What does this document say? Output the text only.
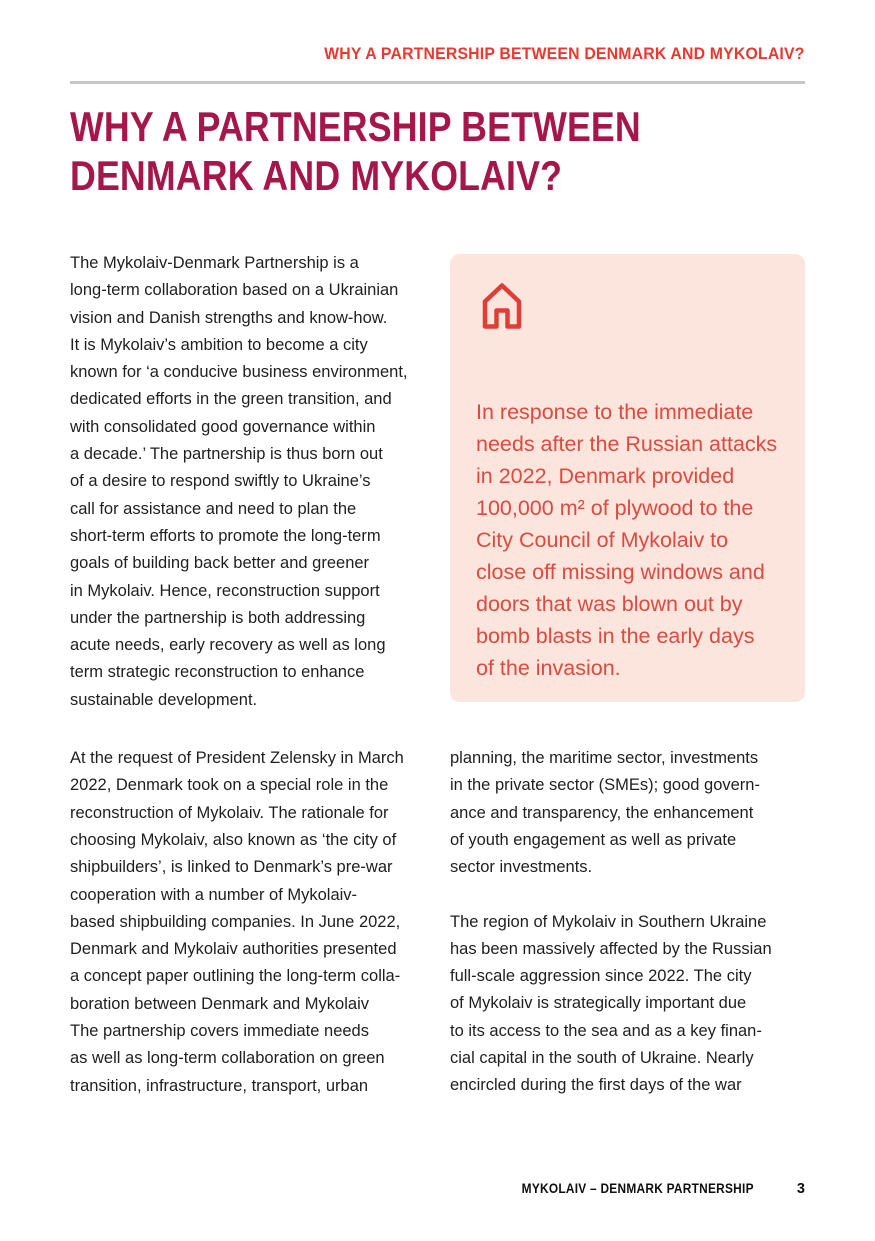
WHY A PARTNERSHIP BETWEEN DENMARK AND MYKOLAIV?
WHY A PARTNERSHIP BETWEEN
DENMARK AND MYKOLAIV?
The Mykolaiv-Denmark Partnership is a
long-term collaboration based on a Ukrainian
vision and Danish strengths and know-how.
It is Mykolaiv’s ambition to become a city
known for ‘a conducive business environment,
dedicated efforts in the green transition, and
with consolidated good governance within
a decade.’ The partnership is thus born out
of a desire to respond swiftly to Ukraine’s
call for assistance and need to plan the
short-term efforts to promote the long-term
goals of building back better and greener
in Mykolaiv. Hence, reconstruction support
under the partnership is both addressing
acute needs, early recovery as well as long
term strategic reconstruction to enhance
sustainable development.
In response to the immediate
needs after the Russian attacks
in 2022, Denmark provided
100,000 m² of plywood to the
City Council of Mykolaiv to
close off missing windows and
doors that was blown out by
bomb blasts in the early days
of the invasion.
At the request of President Zelensky in March
2022, Denmark took on a special role in the
reconstruction of Mykolaiv. The rationale for
choosing Mykolaiv, also known as ‘the city of
shipbuilders’, is linked to Denmark’s pre-war
cooperation with a number of Mykolaiv-
based shipbuilding companies. In June 2022,
Denmark and Mykolaiv authorities presented
a concept paper outlining the long-term colla-
boration between Denmark and Mykolaiv
The partnership covers immediate needs
as well as long-term collaboration on green
transition, infrastructure, transport, urban
planning, the maritime sector, investments
in the private sector (SMEs); good govern-
ance and transparency, the enhancement
of youth engagement as well as private
sector investments.
The region of Mykolaiv in Southern Ukraine
has been massively affected by the Russian
full-scale aggression since 2022. The city
of Mykolaiv is strategically important due
to its access to the sea and as a key finan-
cial capital in the south of Ukraine. Nearly
encircled during the first days of the war
MYKOLAIV – DENMARK PARTNERSHIP	3
